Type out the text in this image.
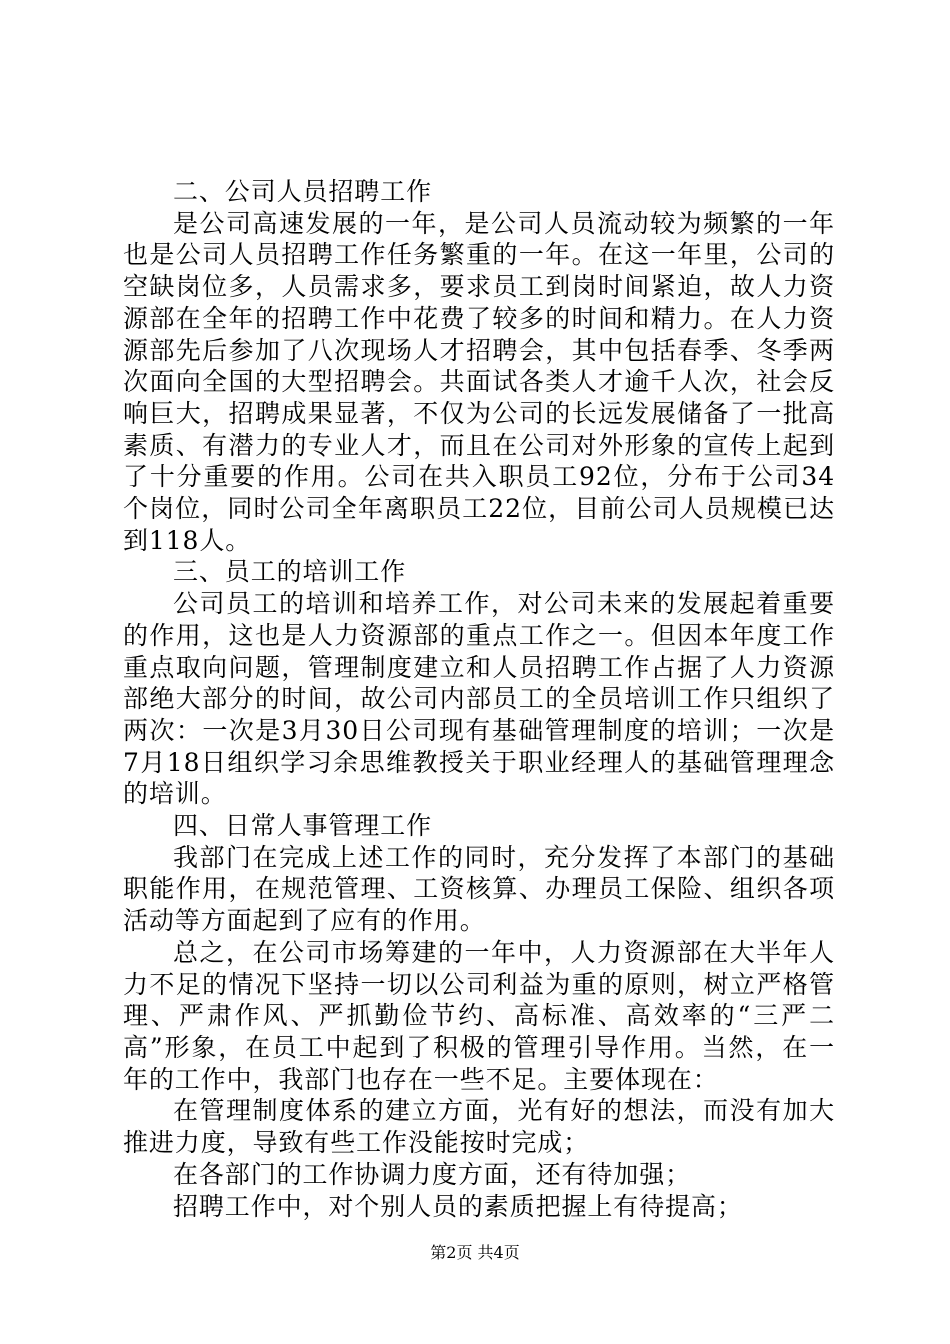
二、公司人员招聘工作

是公司高速发展的一年，是公司人员流动较为频繁的一年也是公司人员招聘工作任务繁重的一年。在这一年里，公司的空缺岗位多，人员需求多，要求员工到岗时间紧迫，故人力资源部在全年的招聘工作中花费了较多的时间和精力。在人力资源部先后参加了八次现场人才招聘会，其中包括春季、冬季两次面向全国的大型招聘会。共面试各类人才逾千人次，社会反响巨大，招聘成果显著，不仅为公司的长远发展储备了一批高素质、有潜力的专业人才，而且在公司对外形象的宣传上起到了十分重要的作用。公司在共入职员工92位，分布于公司34个岗位，同时公司全年离职员工22位，目前公司人员规模已达到118人。

三、员工的培训工作

公司员工的培训和培养工作，对公司未来的发展起着重要的作用，这也是人力资源部的重点工作之一。但因本年度工作重点取向问题，管理制度建立和人员招聘工作占据了人力资源部绝大部分的时间，故公司内部员工的全员培训工作只组织了两次：一次是3月30日公司现有基础管理制度的培训；一次是7月18日组织学习余思维教授关于职业经理人的基础管理理念的培训。

四、日常人事管理工作

我部门在完成上述工作的同时，充分发挥了本部门的基础职能作用，在规范管理、工资核算、办理员工保险、组织各项活动等方面起到了应有的作用。

总之，在公司市场筹建的一年中，人力资源部在大半年人力不足的情况下坚持一切以公司利益为重的原则，树立严格管理、严肃作风、严抓勤俭节约、高标准、高效率的“三严二高”形象，在员工中起到了积极的管理引导作用。当然，在一年的工作中，我部门也存在一些不足。主要体现在：

在管理制度体系的建立方面，光有好的想法，而没有加大推进力度，导致有些工作没能按时完成；

在各部门的工作协调力度方面，还有待加强；

招聘工作中，对个别人员的素质把握上有待提高；

第2页 共4页
